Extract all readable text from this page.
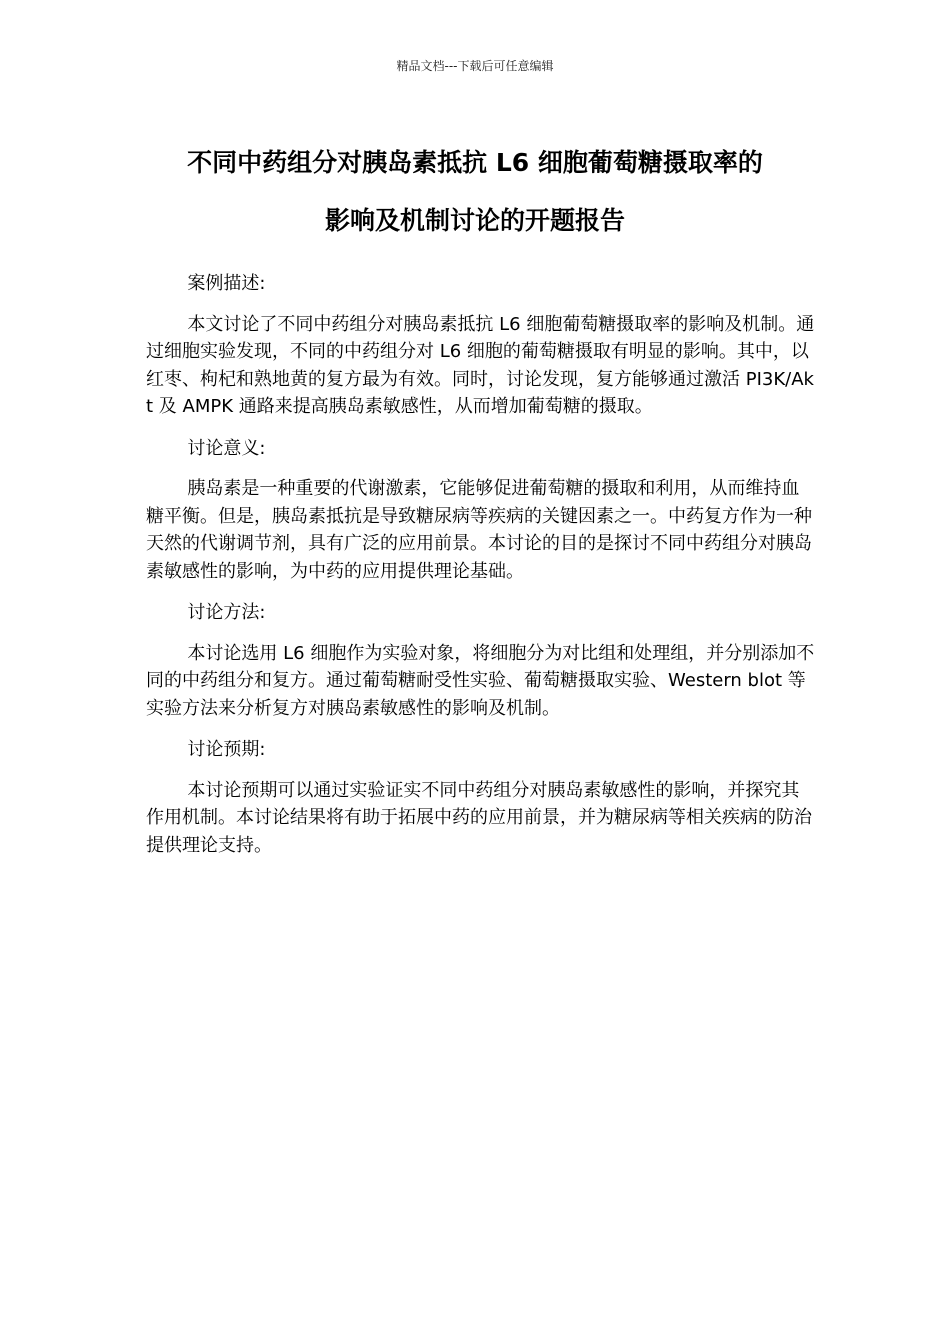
精品文档---下载后可任意编辑
不同中药组分对胰岛素抵抗 L6 细胞葡萄糖摄取率的
影响及机制讨论的开题报告

案例描述:

本文讨论了不同中药组分对胰岛素抵抗 L6 细胞葡萄糖摄取率的影响及机制。通过细胞实验发现，不同的中药组分对 L6 细胞的葡萄糖摄取有明显的影响。其中，以红枣、枸杞和熟地黄的复方最为有效。同时，讨论发现，复方能够通过激活 PI3K/Akt 及 AMPK 通路来提高胰岛素敏感性，从而增加葡萄糖的摄取。

讨论意义:

胰岛素是一种重要的代谢激素，它能够促进葡萄糖的摄取和利用，从而维持血糖平衡。但是，胰岛素抵抗是导致糖尿病等疾病的关键因素之一。中药复方作为一种天然的代谢调节剂，具有广泛的应用前景。本讨论的目的是探讨不同中药组分对胰岛素敏感性的影响，为中药的应用提供理论基础。

讨论方法:

本讨论选用 L6 细胞作为实验对象，将细胞分为对比组和处理组，并分别添加不同的中药组分和复方。通过葡萄糖耐受性实验、葡萄糖摄取实验、Western blot 等实验方法来分析复方对胰岛素敏感性的影响及机制。

讨论预期:

本讨论预期可以通过实验证实不同中药组分对胰岛素敏感性的影响，并探究其作用机制。本讨论结果将有助于拓展中药的应用前景，并为糖尿病等相关疾病的防治提供理论支持。
